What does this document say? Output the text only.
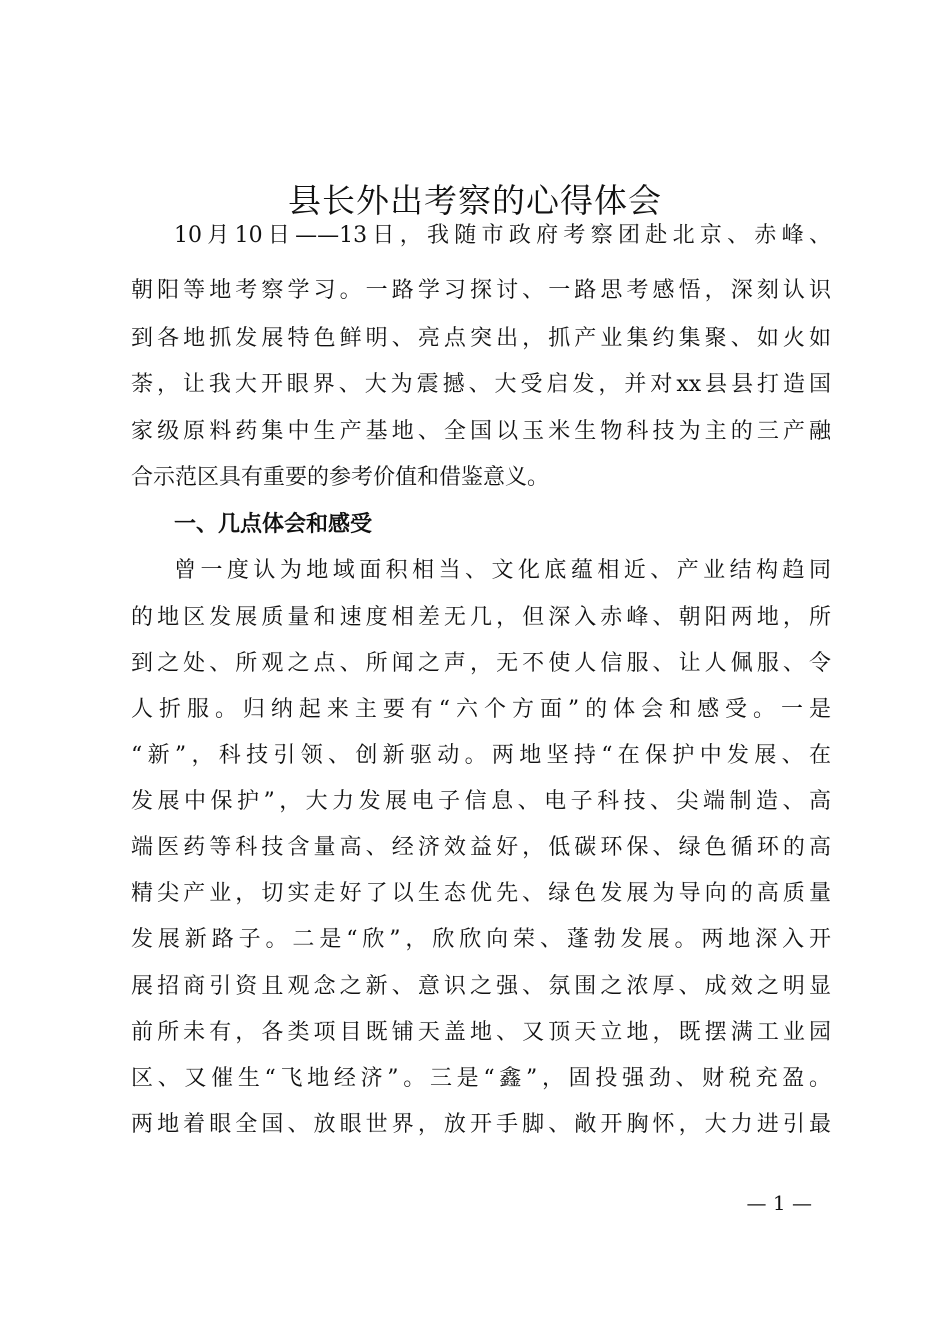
县长外出考察的心得体会
10月10日——13日，我随市政府考察团赴北京、赤峰、
朝阳等地考察学习。一路学习探讨、一路思考感悟，深刻认识
到各地抓发展特色鲜明、亮点突出，抓产业集约集聚、如火如
荼，让我大开眼界、大为震撼、大受启发，并对xx县县打造国
家级原料药集中生产基地、全国以玉米生物科技为主的三产融
合示范区具有重要的参考价值和借鉴意义。
一、几点体会和感受
曾一度认为地域面积相当、文化底蕴相近、产业结构趋同
的地区发展质量和速度相差无几，但深入赤峰、朝阳两地，所
到之处、所观之点、所闻之声，无不使人信服、让人佩服、令
人折服。归纳起来主要有“六个方面”的体会和感受。一是
“新”，科技引领、创新驱动。两地坚持“在保护中发展、在
发展中保护”，大力发展电子信息、电子科技、尖端制造、高
端医药等科技含量高、经济效益好，低碳环保、绿色循环的高
精尖产业，切实走好了以生态优先、绿色发展为导向的高质量
发展新路子。二是“欣”，欣欣向荣、蓬勃发展。两地深入开
展招商引资且观念之新、意识之强、氛围之浓厚、成效之明显
前所未有，各类项目既铺天盖地、又顶天立地，既摆满工业园
区、又催生“飞地经济”。三是“鑫”，固投强劲、财税充盈。
两地着眼全国、放眼世界，放开手脚、敞开胸怀，大力进引最
— 1 —
